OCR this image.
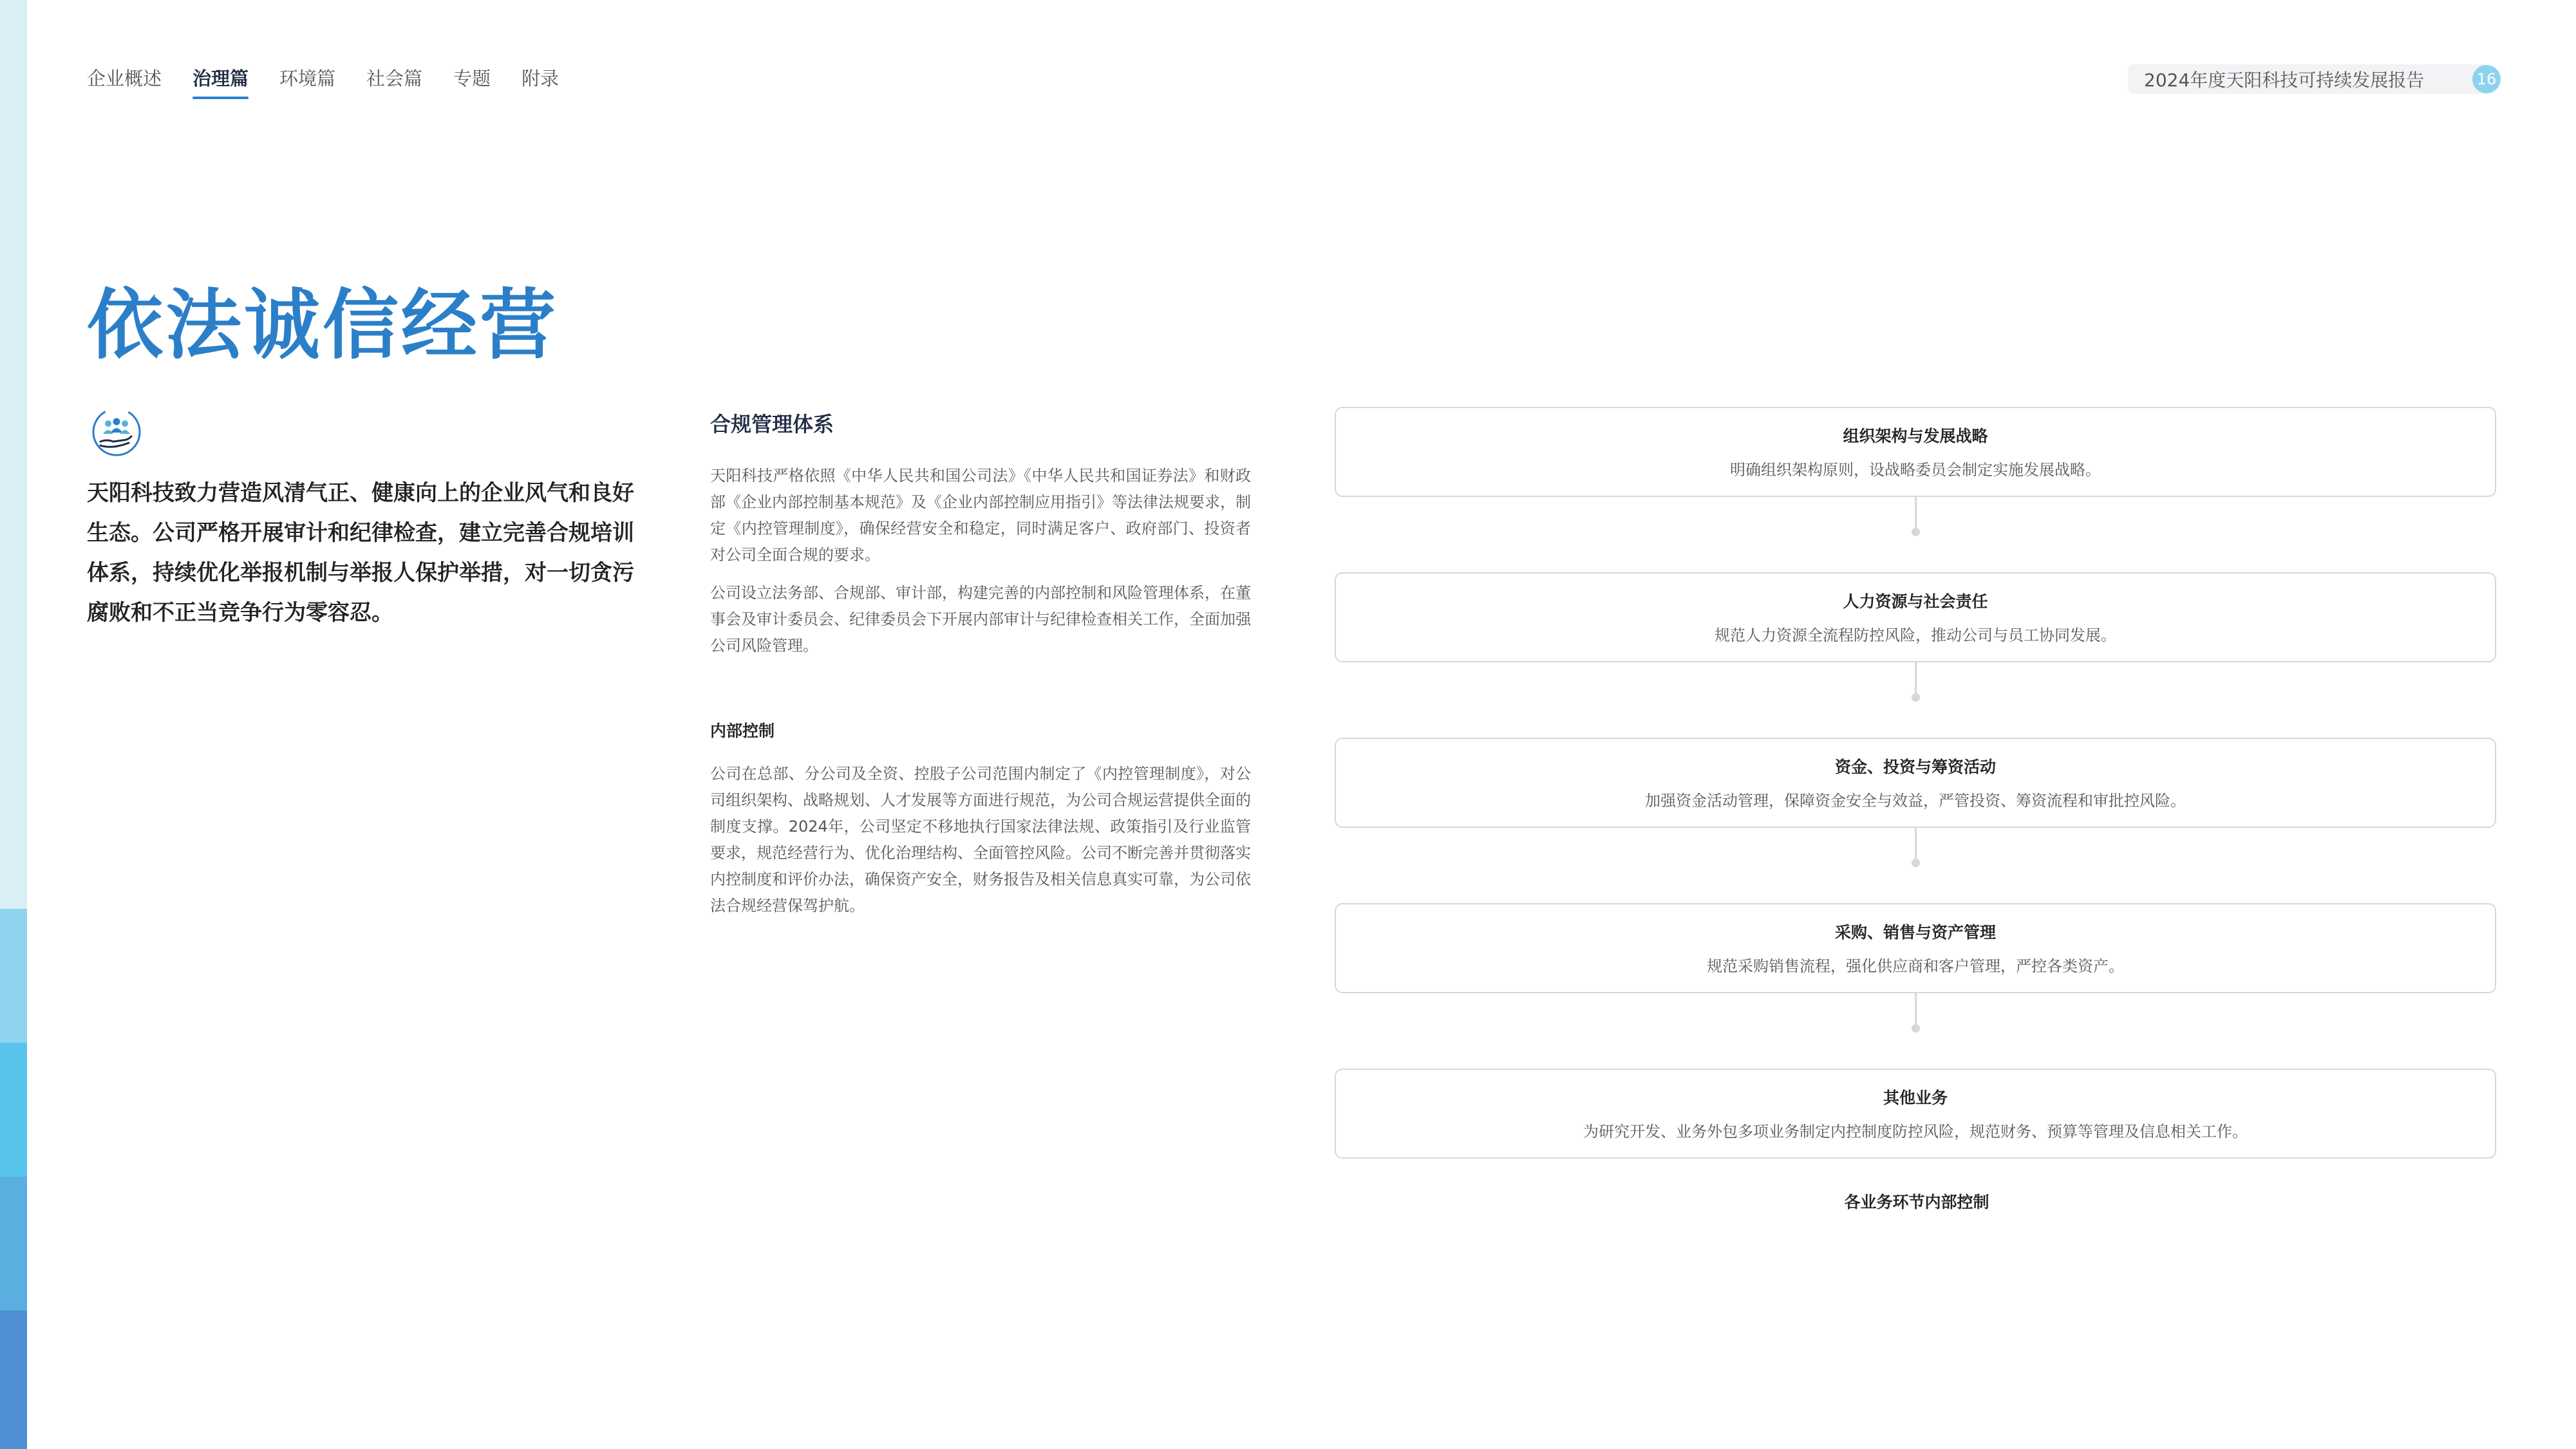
企业概述 治理篇 环境篇 社会篇 专题 附录	2024年度天阳科技可持续发展报告	16
依法诚信经营

天阳科技致力营造风清气正、健康向上的企业风气和良好生态。公司严格开展审计和纪律检查，建立完善合规培训体系，持续优化举报机制与举报人保护举措，对一切贪污腐败和不正当竞争行为零容忍。

合规管理体系

天阳科技严格依照《中华人民共和国公司法》《中华人民共和国证券法》和财政部《企业内部控制基本规范》及《企业内部控制应用指引》等法律法规要求，制定《内控管理制度》，确保经营安全和稳定，同时满足客户、政府部门、投资者对公司全面合规的要求。

公司设立法务部、合规部、审计部，构建完善的内部控制和风险管理体系，在董事会及审计委员会、纪律委员会下开展内部审计与纪律检查相关工作，全面加强公司风险管理。

内部控制

公司在总部、分公司及全资、控股子公司范围内制定了《内控管理制度》，对公司组织架构、战略规划、人才发展等方面进行规范，为公司合规运营提供全面的制度支撑。2024年，公司坚定不移地执行国家法律法规、政策指引及行业监管要求，规范经营行为、优化治理结构、全面管控风险。公司不断完善并贯彻落实内控制度和评价办法，确保资产安全，财务报告及相关信息真实可靠，为公司依法合规经营保驾护航。

组织架构与发展战略
明确组织架构原则，设战略委员会制定实施发展战略。
人力资源与社会责任
规范人力资源全流程防控风险，推动公司与员工协同发展。
资金、投资与筹资活动
加强资金活动管理，保障资金安全与效益，严管投资、筹资流程和审批控风险。
采购、销售与资产管理
规范采购销售流程，强化供应商和客户管理，严控各类资产。
其他业务
为研究开发、业务外包多项业务制定内控制度防控风险，规范财务、预算等管理及信息相关工作。
各业务环节内部控制
